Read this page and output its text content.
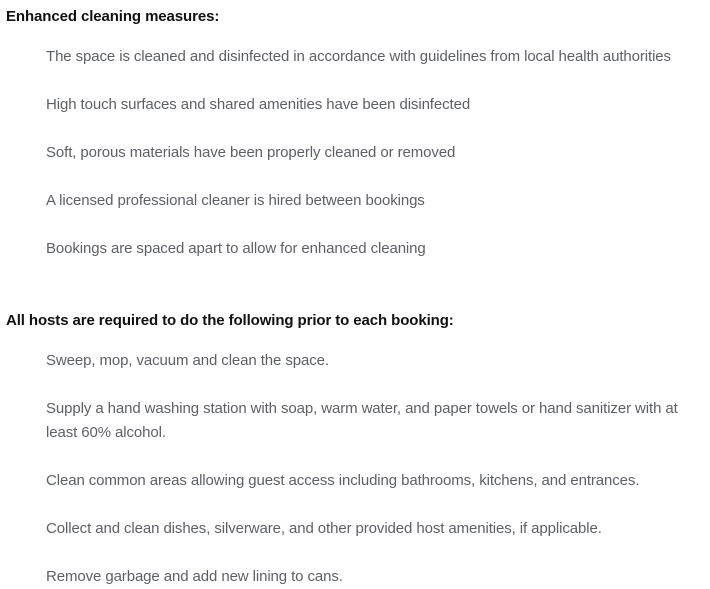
Enhanced cleaning measures:
The space is cleaned and disinfected in accordance with guidelines from local health authorities
High touch surfaces and shared amenities have been disinfected
Soft, porous materials have been properly cleaned or removed
A licensed professional cleaner is hired between bookings
Bookings are spaced apart to allow for enhanced cleaning
All hosts are required to do the following prior to each booking:
Sweep, mop, vacuum and clean the space.
Supply a hand washing station with soap, warm water, and paper towels or hand sanitizer with at least 60% alcohol.
Clean common areas allowing guest access including bathrooms, kitchens, and entrances.
Collect and clean dishes, silverware, and other provided host amenities, if applicable.
Remove garbage and add new lining to cans.
